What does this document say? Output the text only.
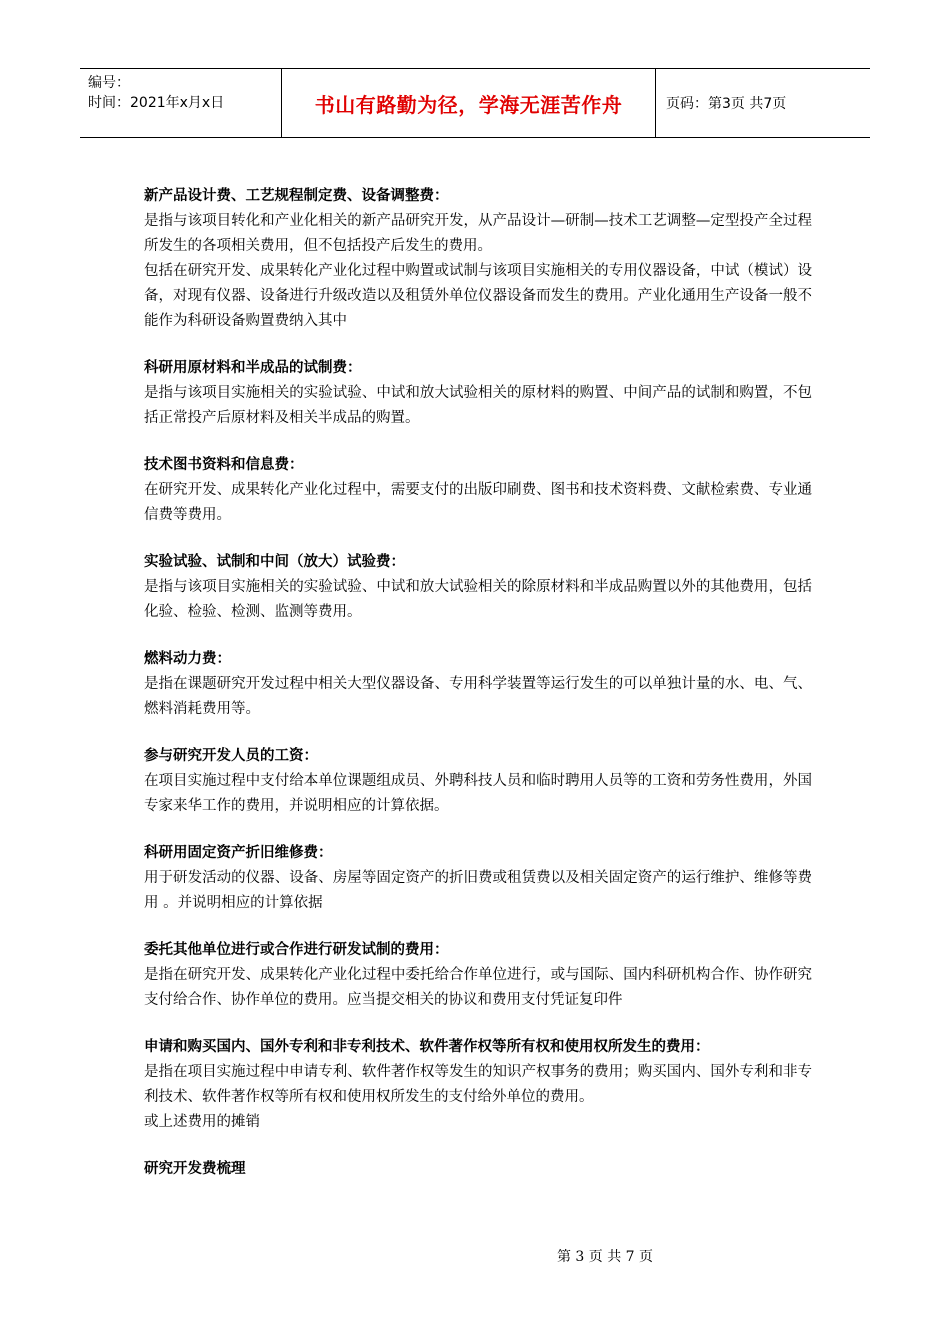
编号：
时间：2021年x月x日	书山有路勤为径，学海无涯苦作舟	页码：第3页 共7页

新产品设计费、工艺规程制定费、设备调整费：

是指与该项目转化和产业化相关的新产品研究开发，从产品设计—研制—技术工艺调整—定型投产全过程所发生的各项相关费用，但不包括投产后发生的费用。

包括在研究开发、成果转化产业化过程中购置或试制与该项目实施相关的专用仪器设备，中试（模试）设备，对现有仪器、设备进行升级改造以及租赁外单位仪器设备而发生的费用。产业化通用生产设备一般不能作为科研设备购置费纳入其中

科研用原材料和半成品的试制费：

是指与该项目实施相关的实验试验、中试和放大试验相关的原材料的购置、中间产品的试制和购置，不包括正常投产后原材料及相关半成品的购置。

技术图书资料和信息费：

在研究开发、成果转化产业化过程中，需要支付的出版印刷费、图书和技术资料费、文献检索费、专业通信费等费用。

实验试验、试制和中间（放大）试验费：

是指与该项目实施相关的实验试验、中试和放大试验相关的除原材料和半成品购置以外的其他费用，包括化验、检验、检测、监测等费用。

燃料动力费：

是指在课题研究开发过程中相关大型仪器设备、专用科学装置等运行发生的可以单独计量的水、电、气、燃料消耗费用等。

参与研究开发人员的工资：

在项目实施过程中支付给本单位课题组成员、外聘科技人员和临时聘用人员等的工资和劳务性费用，外国专家来华工作的费用，并说明相应的计算依据。

科研用固定资产折旧维修费：

用于研发活动的仪器、设备、房屋等固定资产的折旧费或租赁费以及相关固定资产的运行维护、维修等费用 。并说明相应的计算依据

委托其他单位进行或合作进行研发试制的费用：

是指在研究开发、成果转化产业化过程中委托给合作单位进行，或与国际、国内科研机构合作、协作研究支付给合作、协作单位的费用。应当提交相关的协议和费用支付凭证复印件

申请和购买国内、国外专利和非专利技术、软件著作权等所有权和使用权所发生的费用：

是指在项目实施过程中申请专利、软件著作权等发生的知识产权事务的费用；购买国内、国外专利和非专利技术、软件著作权等所有权和使用权所发生的支付给外单位的费用。

或上述费用的摊销

研究开发费梳理

第 3 页 共 7 页
